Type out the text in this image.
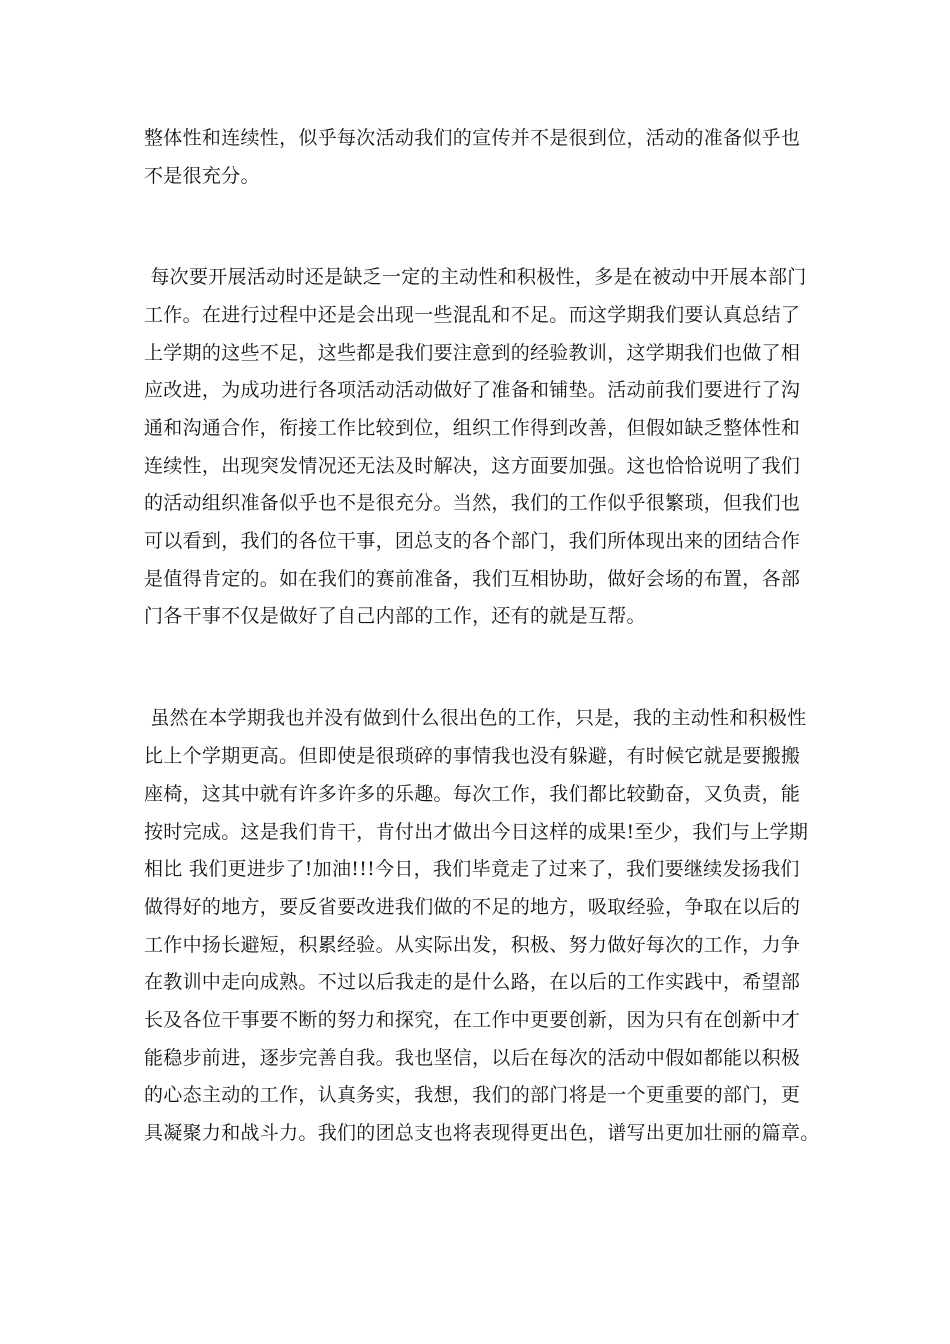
整体性和连续性，似乎每次活动我们的宣传并不是很到位，活动的准备似乎也
不是很充分。
每次要开展活动时还是缺乏一定的主动性和积极性，多是在被动中开展本部门
工作。在进行过程中还是会出现一些混乱和不足。而这学期我们要认真总结了
上学期的这些不足，这些都是我们要注意到的经验教训，这学期我们也做了相
应改进，为成功进行各项活动活动做好了准备和铺垫。活动前我们要进行了沟
通和沟通合作，衔接工作比较到位，组织工作得到改善，但假如缺乏整体性和
连续性，出现突发情况还无法及时解决，这方面要加强。这也恰恰说明了我们
的活动组织准备似乎也不是很充分。当然，我们的工作似乎很繁琐，但我们也
可以看到，我们的各位干事，团总支的各个部门，我们所体现出来的团结合作
是值得肯定的。如在我们的赛前准备，我们互相协助，做好会场的布置，各部
门各干事不仅是做好了自己内部的工作，还有的就是互帮。
虽然在本学期我也并没有做到什么很出色的工作，只是，我的主动性和积极性
比上个学期更高。但即使是很琐碎的事情我也没有躲避，有时候它就是要搬搬
座椅，这其中就有许多许多的乐趣。每次工作，我们都比较勤奋，又负责，能
按时完成。这是我们肯干，肯付出才做出今日这样的成果!至少，我们与上学期
相比 我们更进步了!加油!!!今日，我们毕竟走了过来了，我们要继续发扬我们
做得好的地方，要反省要改进我们做的不足的地方，吸取经验，争取在以后的
工作中扬长避短，积累经验。从实际出发，积极、努力做好每次的工作，力争
在教训中走向成熟。不过以后我走的是什么路，在以后的工作实践中，希望部
长及各位干事要不断的努力和探究，在工作中更要创新，因为只有在创新中才
能稳步前进，逐步完善自我。我也坚信，以后在每次的活动中假如都能以积极
的心态主动的工作，认真务实，我想，我们的部门将是一个更重要的部门，更
具凝聚力和战斗力。我们的团总支也将表现得更出色，谱写出更加壮丽的篇章。
